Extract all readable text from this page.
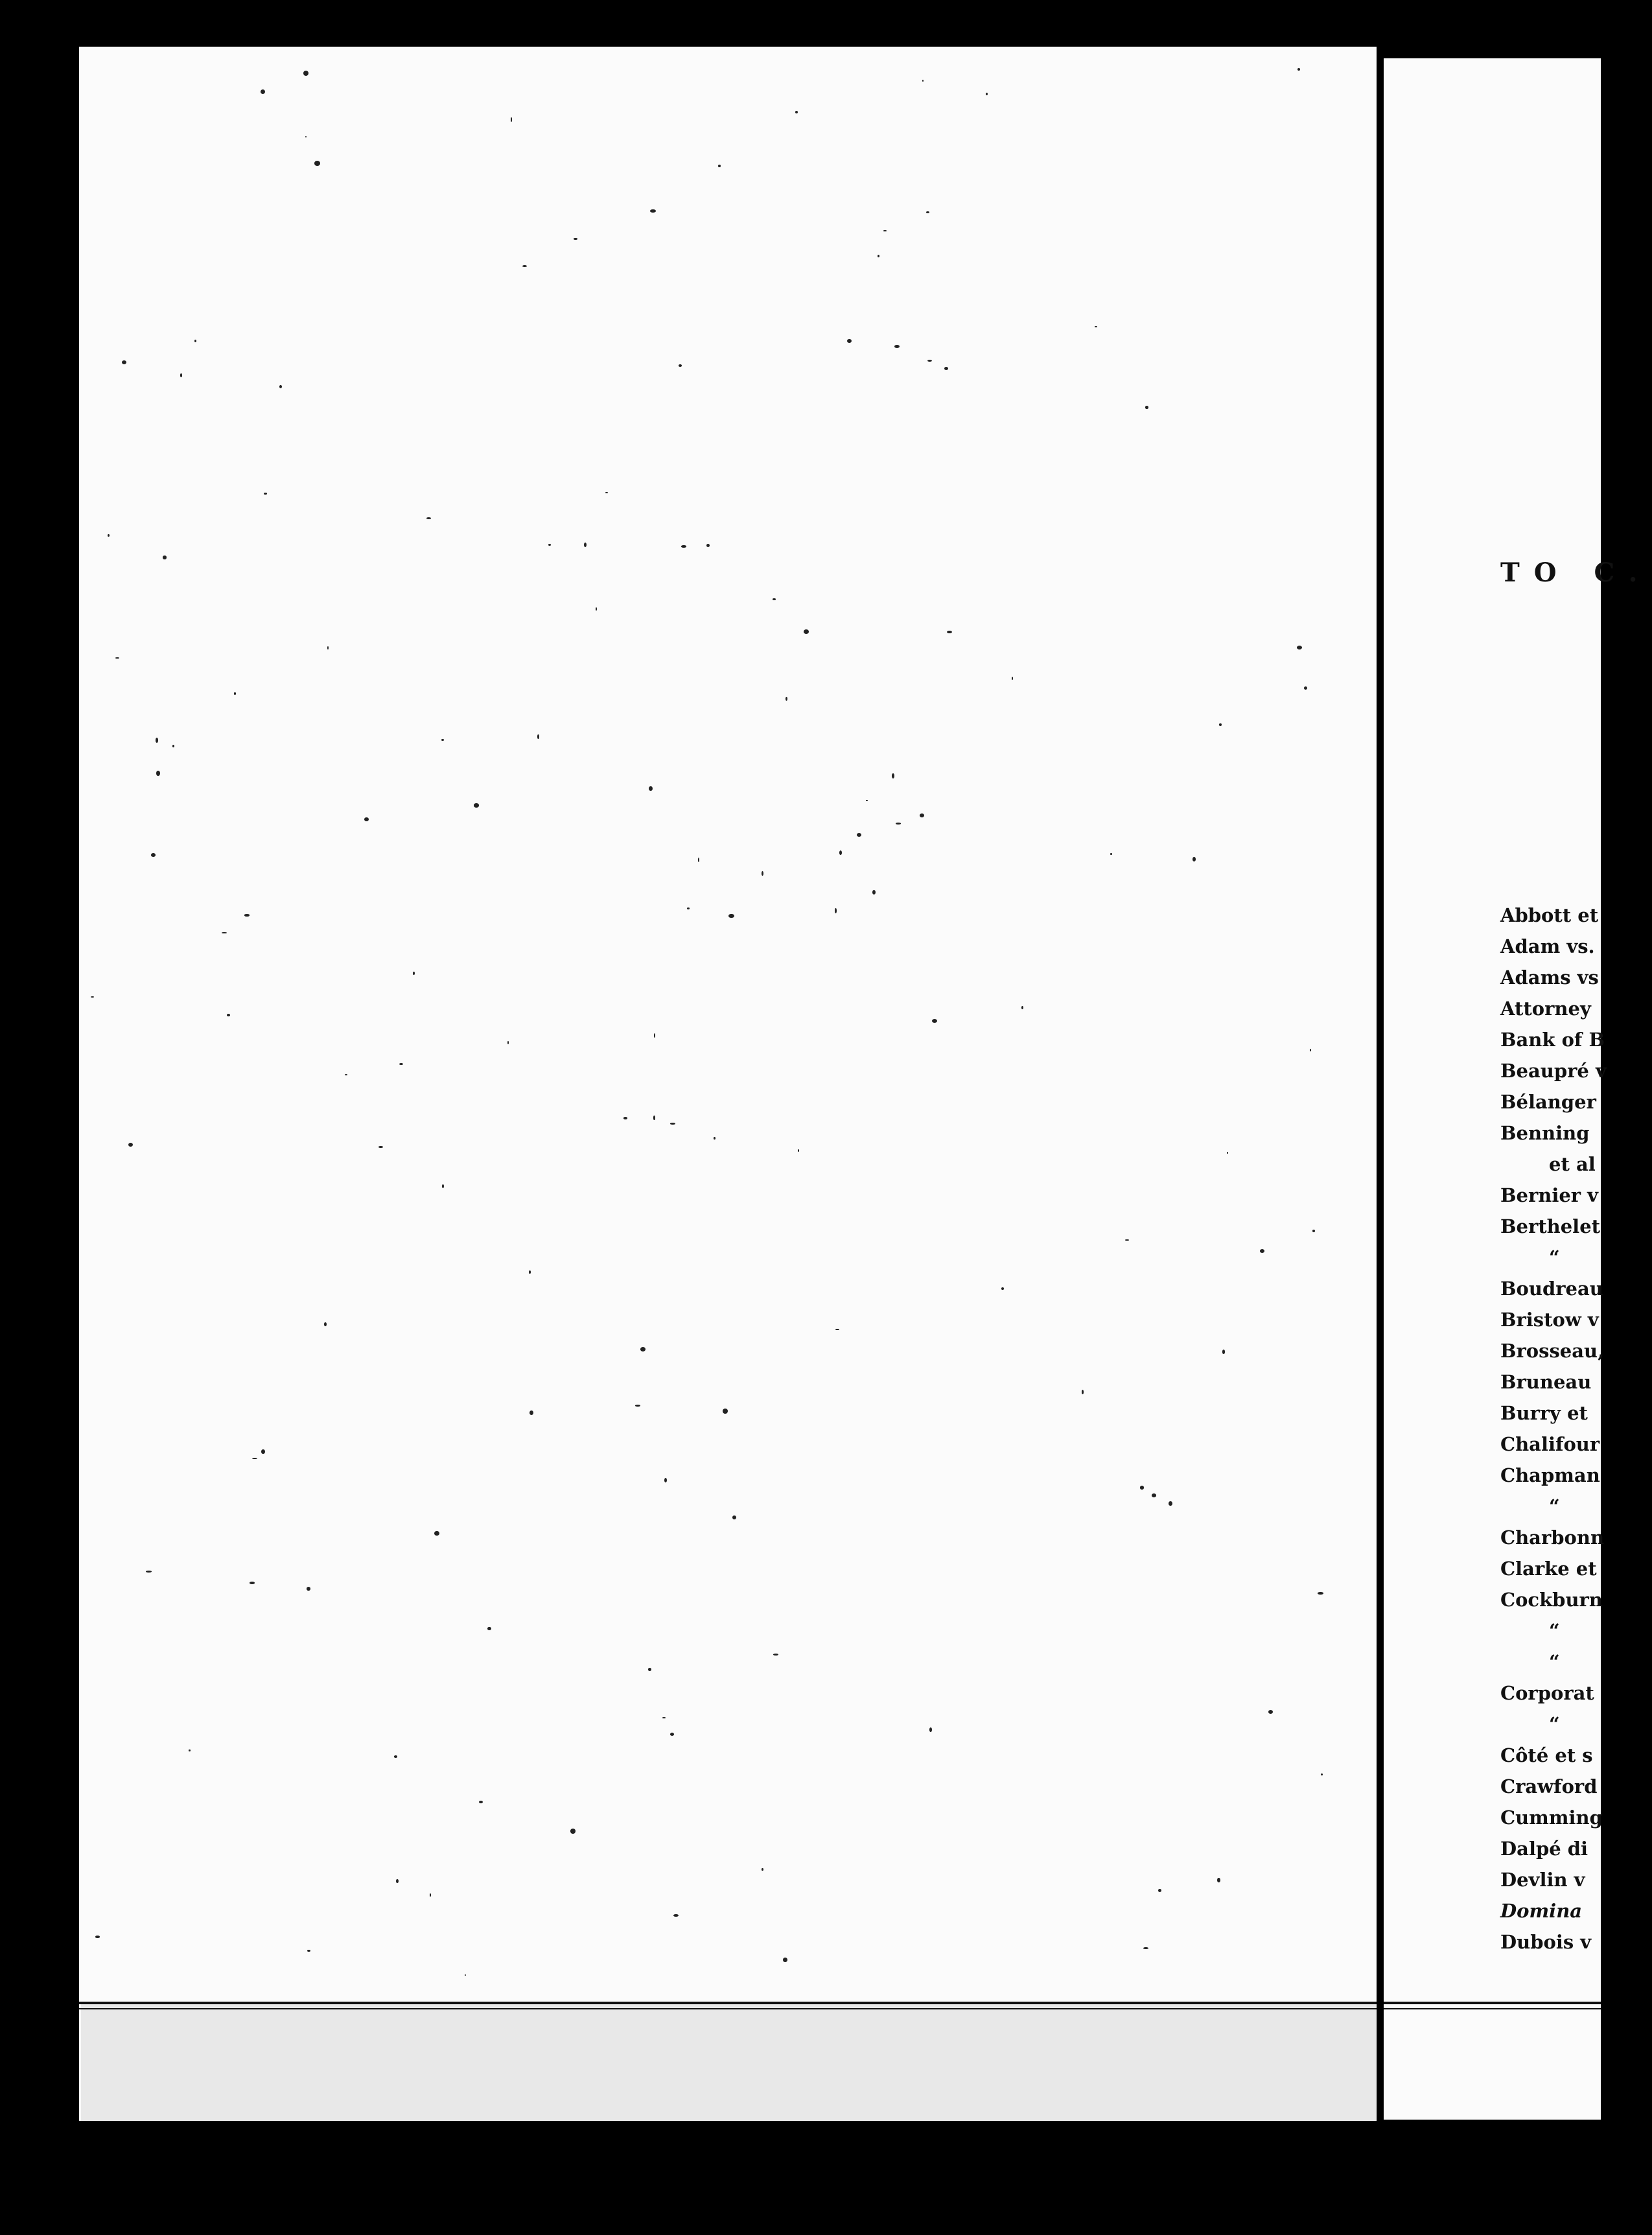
TO C.
Abbott et
Adam vs.
Adams vs
Attorney
Bank of B
Beaupré v
Bélanger
Benning
et al
Bernier v
Berthelet
“
Boudreau
Bristow v
Brosseau,
Bruneau
Burry et
Chalifour
Chapman
“
Charbonn
Clarke et
Cockburn
“
“
Corporat
“
Côté et s
Crawford
Cumming
Dalpé di
Devlin v
Domina
Dubois v
